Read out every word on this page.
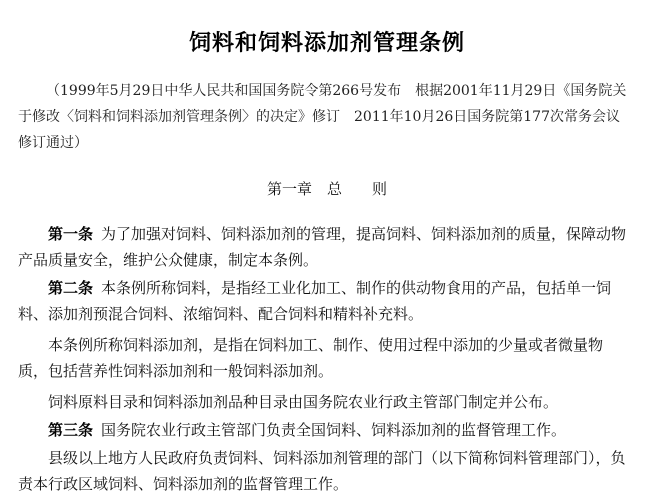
饲料和饲料添加剂管理条例
（1999年5月29日中华人民共和国国务院令第266号发布　根据2001年11月29日《国务院关于修改〈饲料和饲料添加剂管理条例〉的决定》修订　2011年10月26日国务院第177次常务会议修订通过）
第一章　总　　则
第一条 为了加强对饲料、饲料添加剂的管理，提高饲料、饲料添加剂的质量，保障动物产品质量安全，维护公众健康，制定本条例。
第二条 本条例所称饲料，是指经工业化加工、制作的供动物食用的产品，包括单一饲料、添加剂预混合饲料、浓缩饲料、配合饲料和精料补充料。
本条例所称饲料添加剂，是指在饲料加工、制作、使用过程中添加的少量或者微量物质，包括营养性饲料添加剂和一般饲料添加剂。
饲料原料目录和饲料添加剂品种目录由国务院农业行政主管部门制定并公布。
第三条 国务院农业行政主管部门负责全国饲料、饲料添加剂的监督管理工作。
县级以上地方人民政府负责饲料、饲料添加剂管理的部门（以下简称饲料管理部门），负责本行政区域饲料、饲料添加剂的监督管理工作。
